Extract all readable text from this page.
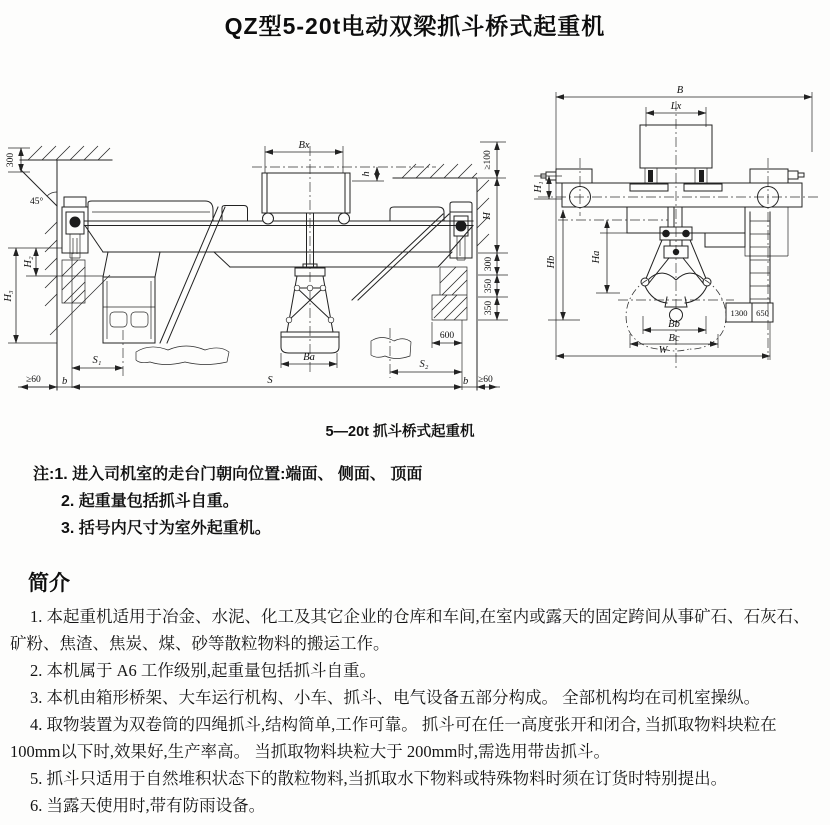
QZ型5-20t电动双梁抓斗桥式起重机
300
45°
H₂
H₃
≥60 b
S₁
S
Bx
h
Ba
600
S₂
b ≥60
≥100
H
300
350
350
B
Lx
H₁
Hb	Ha
Bb
Bc
W
1300 650
5—20t 抓斗桥式起重机
注:1. 进入司机室的走台门朝向位置:端面、 侧面、 顶面
2. 起重量包括抓斗自重。
3. 括号内尺寸为室外起重机。
简介

1. 本起重机适用于冶金、水泥、化工及其它企业的仓库和车间,在室内或露天的固定跨间从事矿石、石灰石、矿粉、焦渣、焦炭、煤、砂等散粒物料的搬运工作。

2. 本机属于 A6 工作级别,起重量包括抓斗自重。

3. 本机由箱形桥架、大车运行机构、小车、抓斗、电气设备五部分构成。 全部机构均在司机室操纵。

4. 取物装置为双卷筒的四绳抓斗,结构简单,工作可靠。 抓斗可在任一高度张开和闭合, 当抓取物料块粒在 100mm以下时,效果好,生产率高。 当抓取物料块粒大于 200mm时,需选用带齿抓斗。

5. 抓斗只适用于自然堆积状态下的散粒物料,当抓取水下物料或特殊物料时须在订货时特别提出。

6. 当露天使用时,带有防雨设备。
